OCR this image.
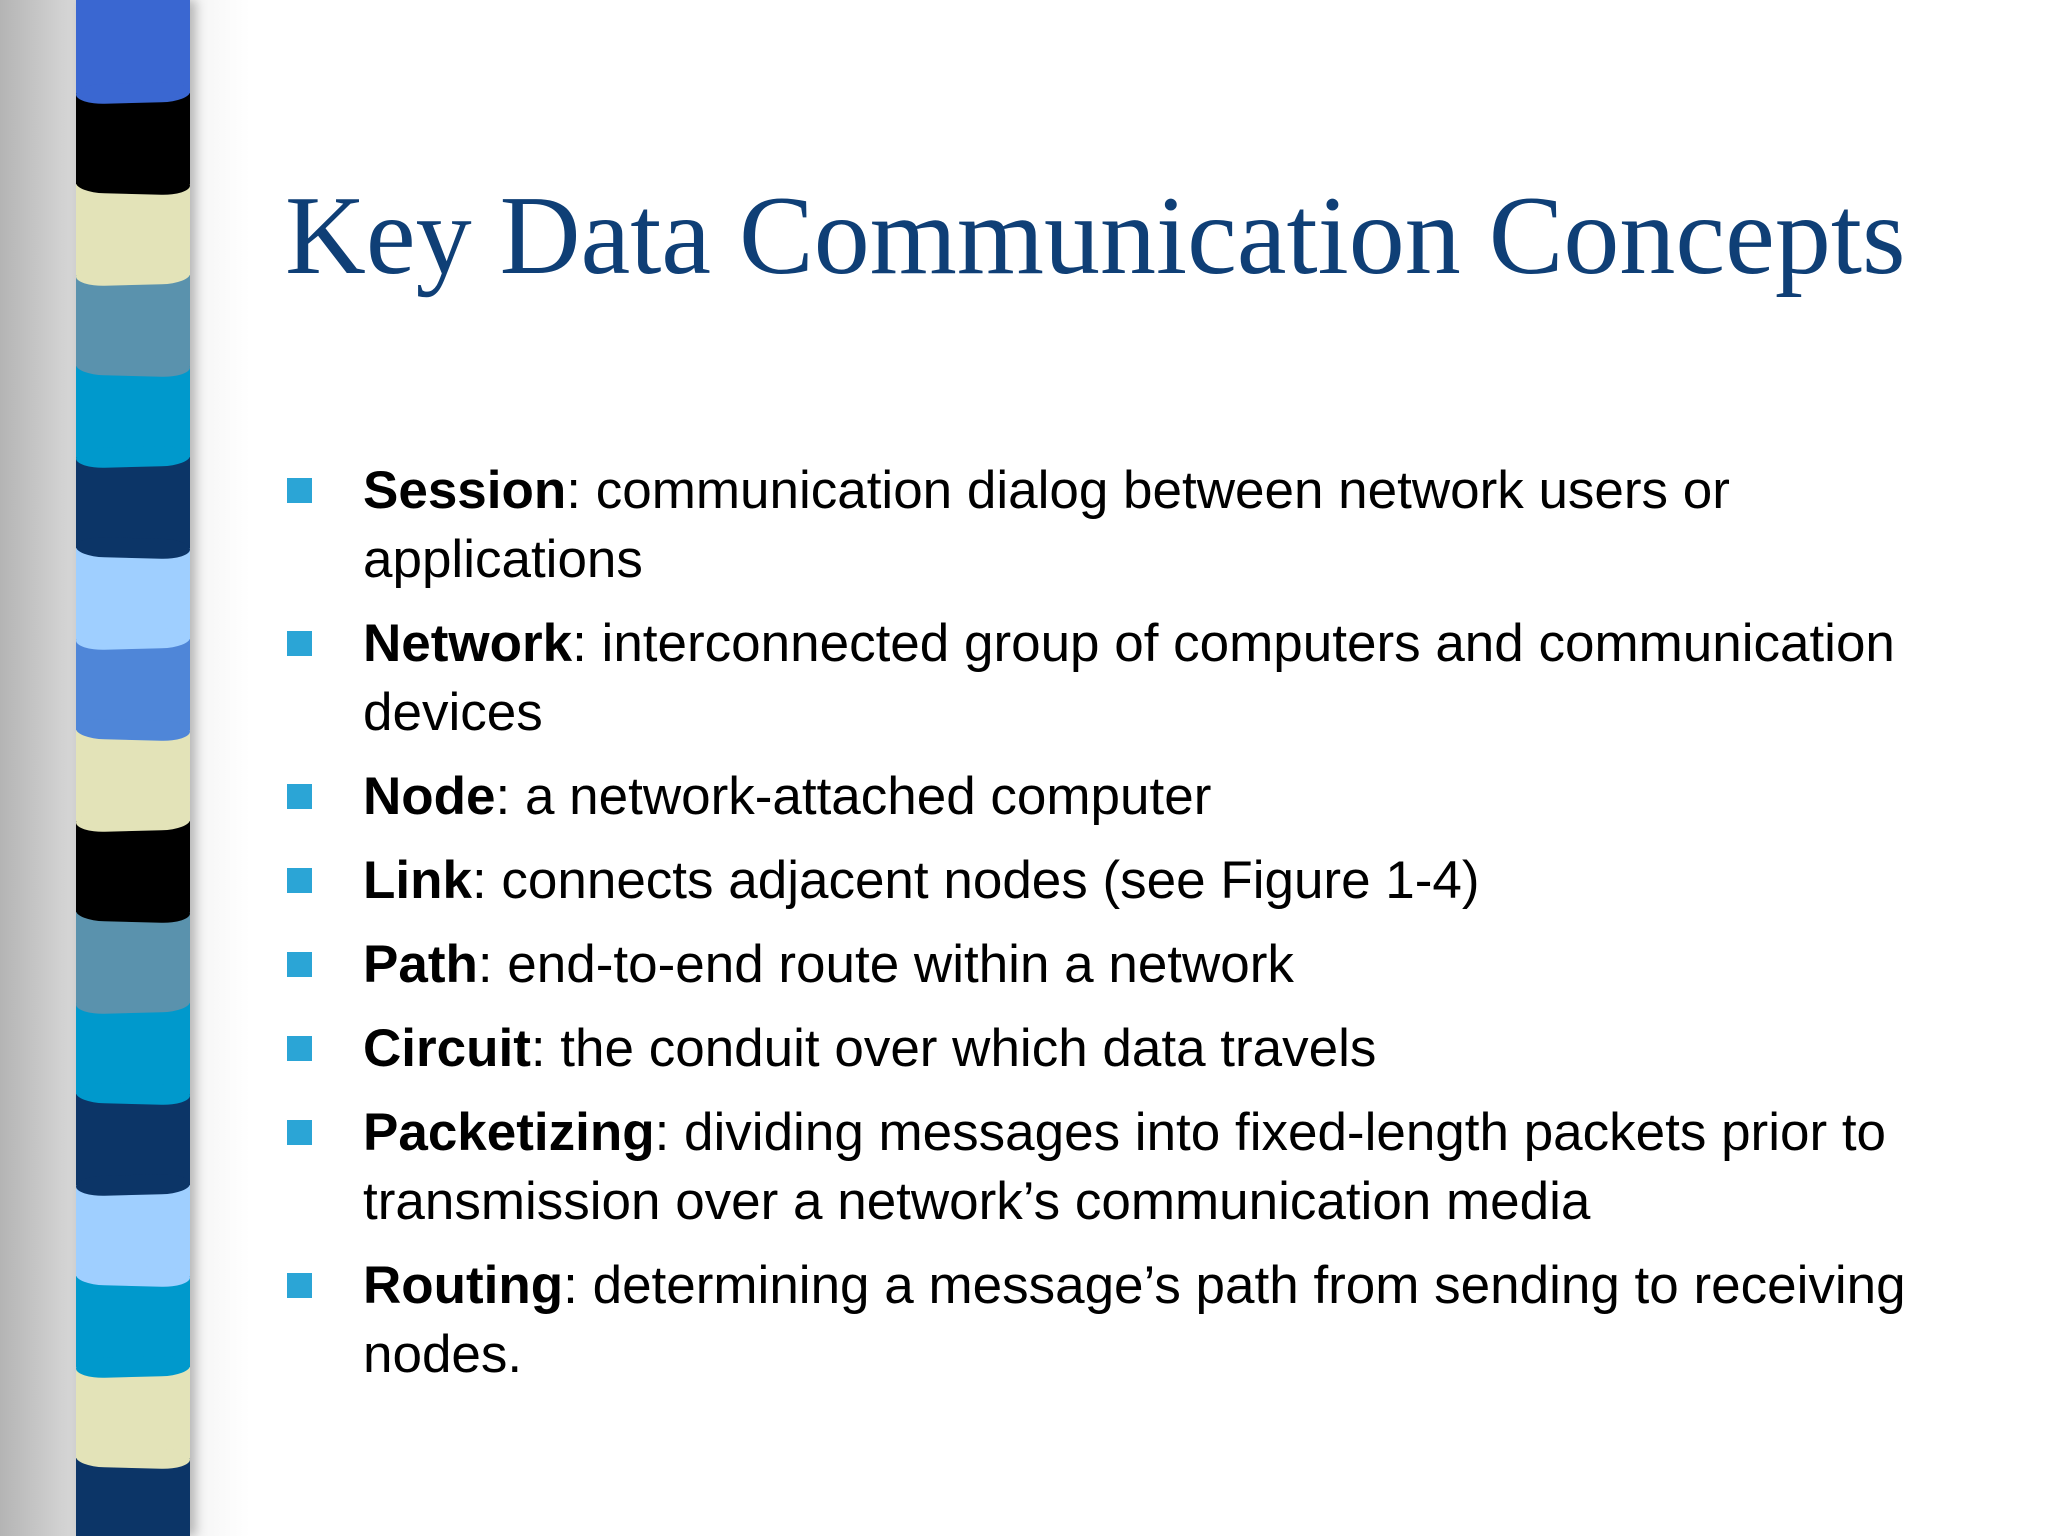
Key Data Communication Concepts
Session: communication dialog between network users or applications
Network: interconnected group of computers and communication devices
Node: a network-attached computer
Link: connects adjacent nodes (see Figure 1-4)
Path: end-to-end route within a network
Circuit: the conduit over which data travels
Packetizing: dividing messages into fixed-length packets prior to transmission over a network’s communication media
Routing: determining a message’s path from sending to receiving nodes.
